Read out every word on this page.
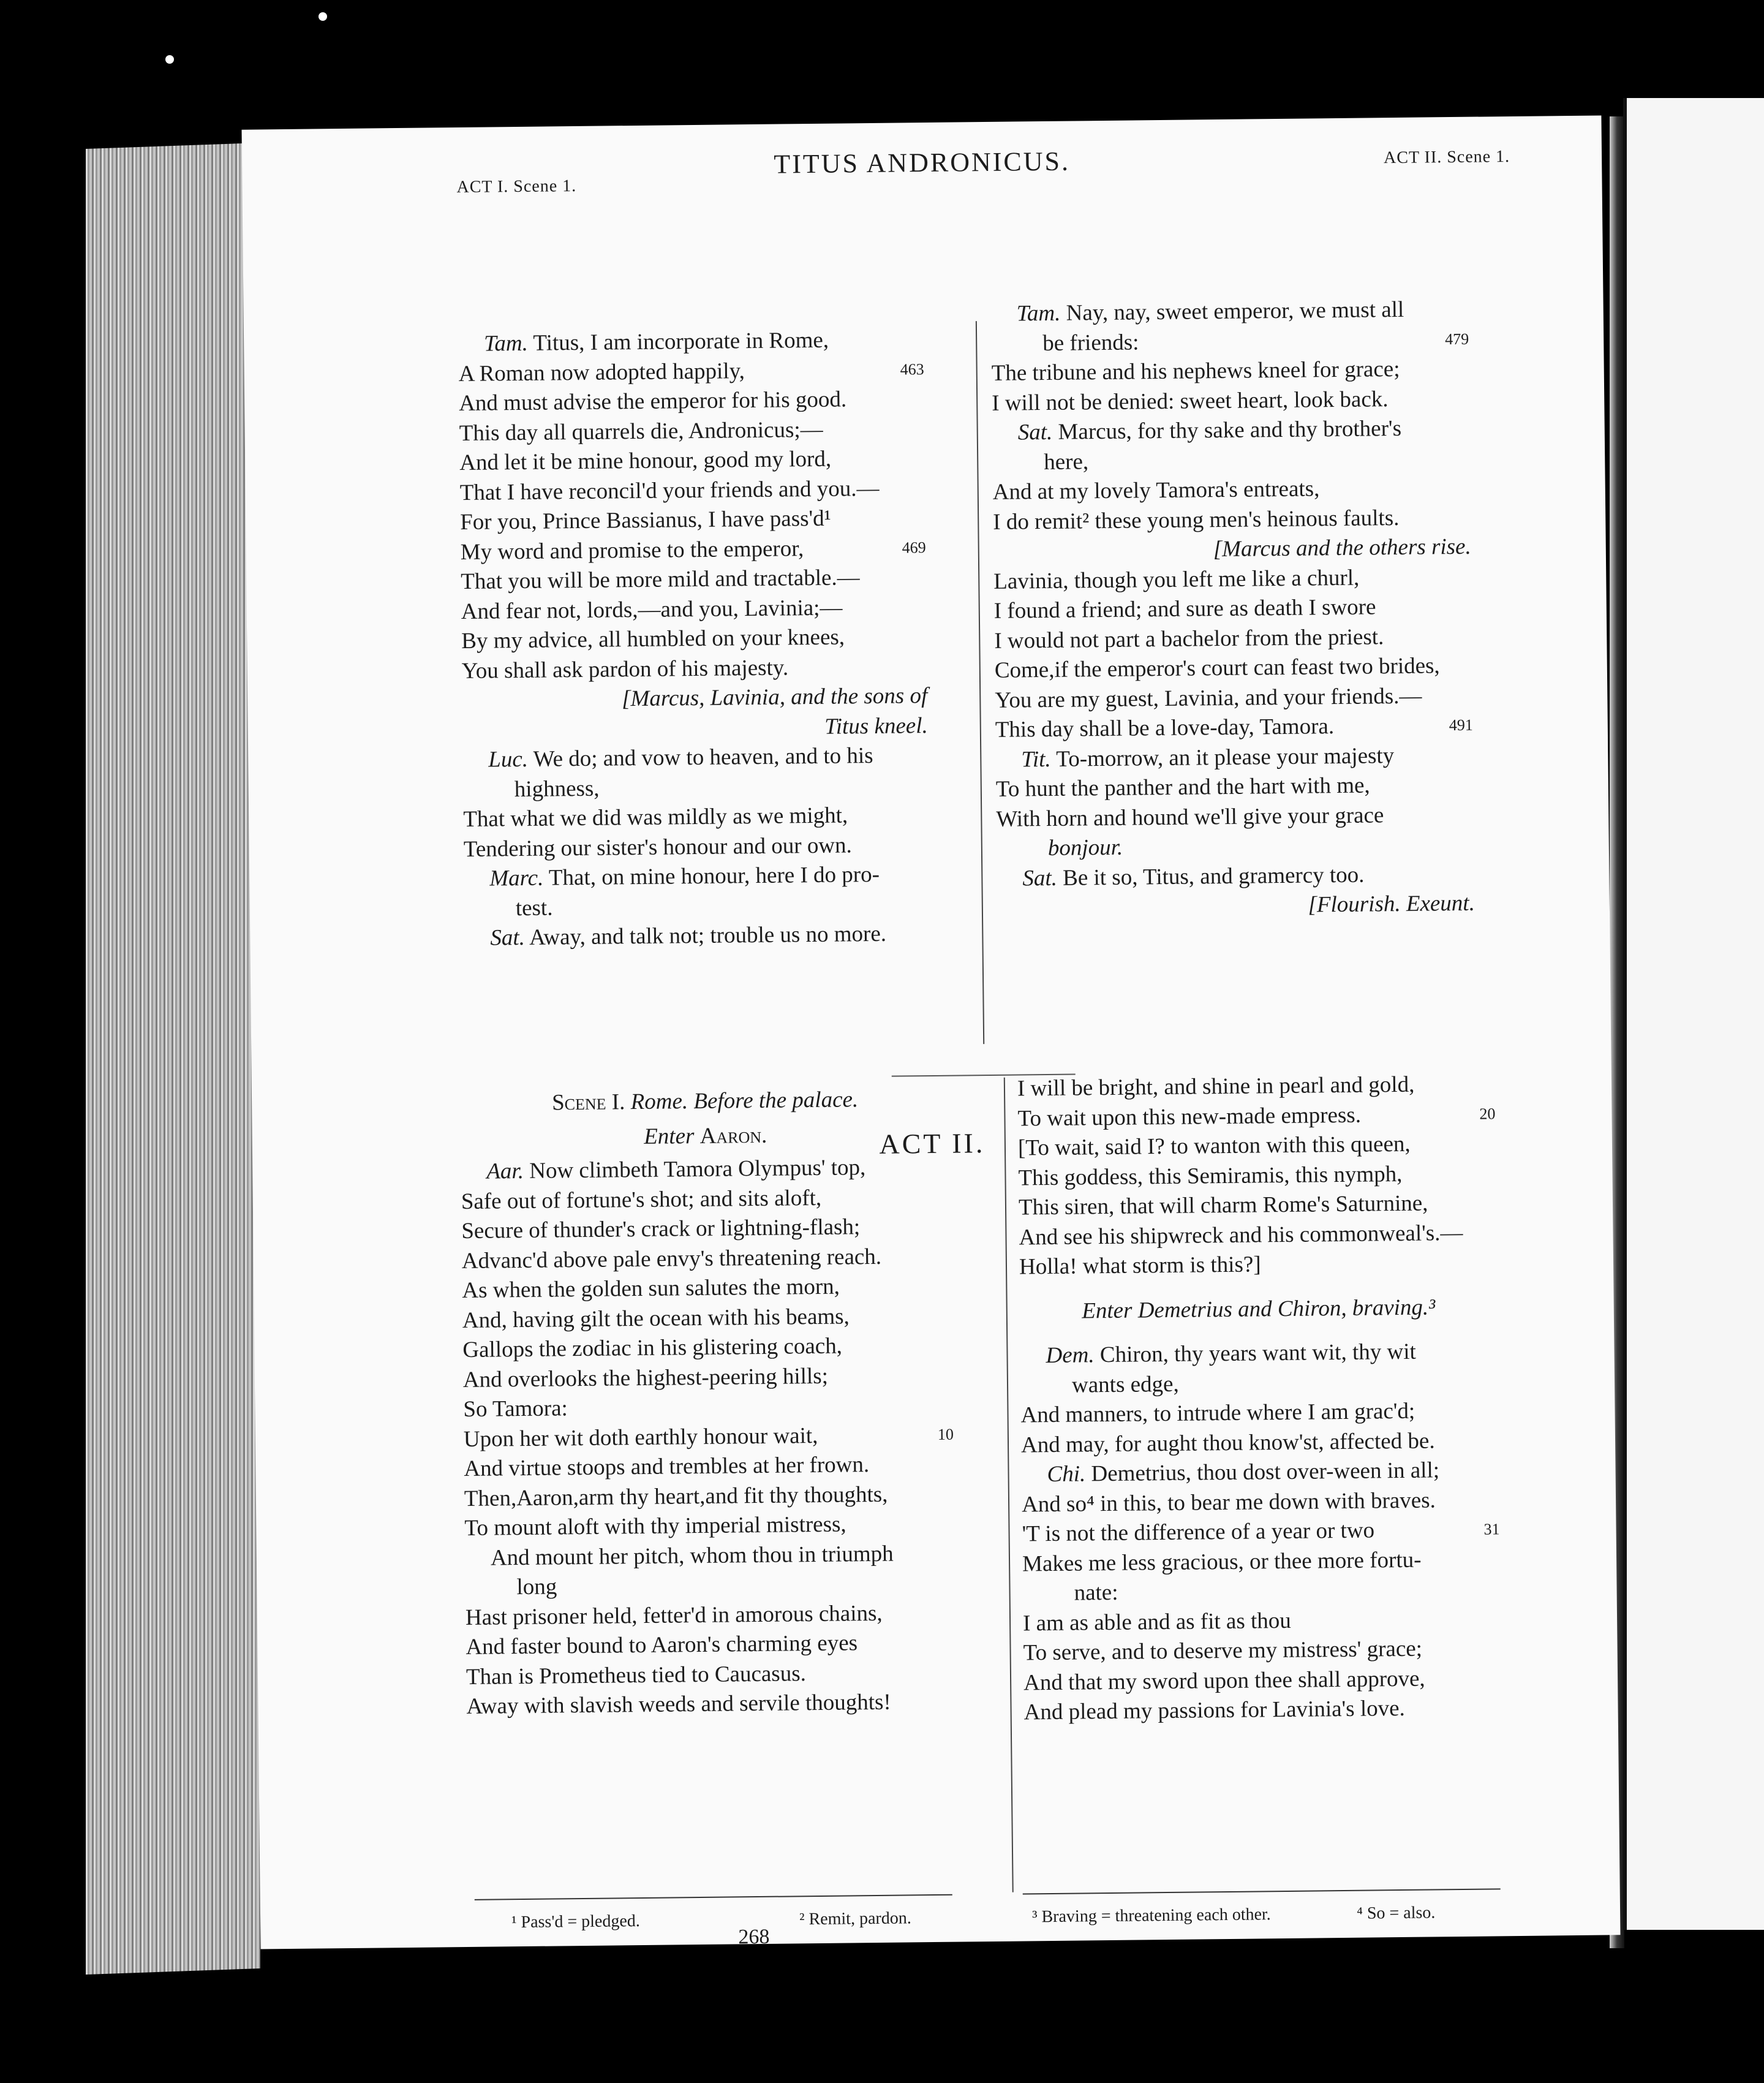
ACT I. Scene 1.
TITUS ANDRONICUS.	ACT II. Scene 1.
Tam. Titus, I am incorporate in Rome,
A Roman now adopted happily,	463
And must advise the emperor for his good.
This day all quarrels die, Andronicus;—
And let it be mine honour, good my lord,
That I have reconcil'd your friends and you.—
For you, Prince Bassianus, I have pass'd¹
My word and promise to the emperor,	469
That you will be more mild and tractable.—
And fear not, lords,—and you, Lavinia;—
By my advice, all humbled on your knees,
You shall ask pardon of his majesty.
[Marcus, Lavinia, and the sons of
Titus kneel.
Luc. We do; and vow to heaven, and to his
highness,
That what we did was mildly as we might,
Tendering our sister's honour and our own.
Marc. That, on mine honour, here I do pro-
test.
Sat. Away, and talk not; trouble us no more.
Tam. Nay, nay, sweet emperor, we must all
be friends:	479
The tribune and his nephews kneel for grace;
I will not be denied: sweet heart, look back.
Sat. Marcus, for thy sake and thy brother's
here,
And at my lovely Tamora's entreats,
I do remit² these young men's heinous faults.
[Marcus and the others rise.
Lavinia, though you left me like a churl,
I found a friend; and sure as death I swore
I would not part a bachelor from the priest.
Come,if the emperor's court can feast two brides,
You are my guest, Lavinia, and your friends.—
This day shall be a love-day, Tamora.	491
Tit. To-morrow, an it please your majesty
To hunt the panther and the hart with me,
With horn and hound we'll give your grace
bonjour.
Sat. Be it so, Titus, and gramercy too.
[Flourish. Exeunt.
ACT II.
Scene I. Rome. Before the palace.
Enter Aaron.
Aar. Now climbeth Tamora Olympus' top,
Safe out of fortune's shot; and sits aloft,
Secure of thunder's crack or lightning-flash;
Advanc'd above pale envy's threatening reach.
As when the golden sun salutes the morn,
And, having gilt the ocean with his beams,
Gallops the zodiac in his glistering coach,
And overlooks the highest-peering hills;
So Tamora:
Upon her wit doth earthly honour wait,	10
And virtue stoops and trembles at her frown.
Then,Aaron,arm thy heart,and fit thy thoughts,
To mount aloft with thy imperial mistress,
And mount her pitch, whom thou in triumph
long
Hast prisoner held, fetter'd in amorous chains,
And faster bound to Aaron's charming eyes
Than is Prometheus tied to Caucasus.
Away with slavish weeds and servile thoughts!
I will be bright, and shine in pearl and gold,
To wait upon this new-made empress.	20
[To wait, said I? to wanton with this queen,
This goddess, this Semiramis, this nymph,
This siren, that will charm Rome's Saturnine,
And see his shipwreck and his commonweal's.—
Holla! what storm is this?]

Enter Demetrius and Chiron, braving.³

Dem. Chiron, thy years want wit, thy wit
wants edge,
And manners, to intrude where I am grac'd;
And may, for aught thou know'st, affected be.
Chi. Demetrius, thou dost over-ween in all;
And so⁴ in this, to bear me down with braves.
'T is not the difference of a year or two	31
Makes me less gracious, or thee more fortu-
nate:
I am as able and as fit as thou
To serve, and to deserve my mistress' grace;
And that my sword upon thee shall approve,
And plead my passions for Lavinia's love.
¹ Pass'd = pledged.	² Remit, pardon.	³ Braving = threatening each other.	⁴ So = also.
268
